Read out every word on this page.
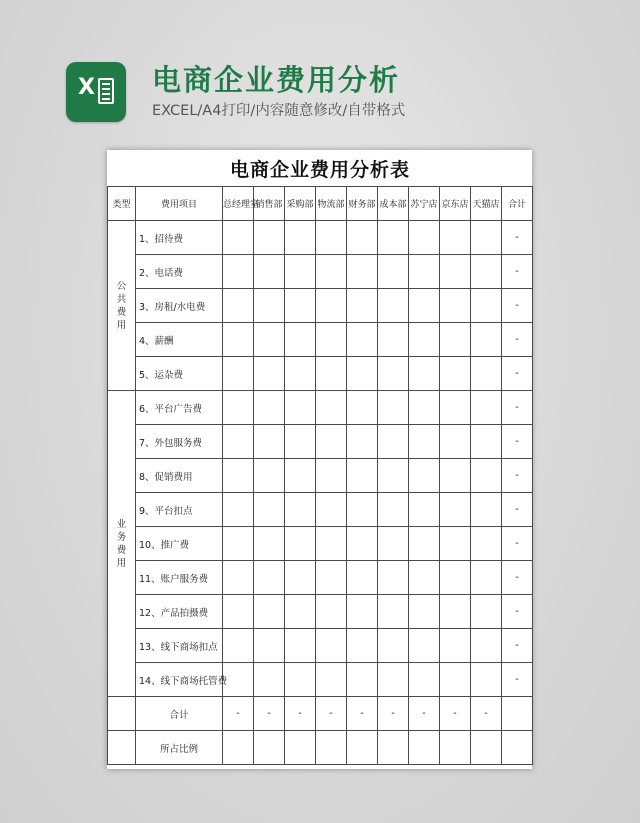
X 电商企业费用分析
EXCEL/A4打印/内容随意修改/自带格式
电商企业费用分析表											
类型	费用项目	总经理室	销售部	采购部	物流部	财务部	成本部	苏宁店	京东店	天猫店	合计

公
共
费
用	1、招待费										-
	2、电话费										-
	3、房租/水电费										-
	4、薪酬										-
	5、运杂费										-

业
务
费
用	6、平台广告费										-
	7、外包服务费										-
	8、促销费用										-
	9、平台扣点										-
	10、推广费										-
	11、账户服务费										-
	12、产品拍摄费										-
	13、线下商场扣点										-
	14、线下商场托管费										-
	合计	-	-	-	-	-	-	-	-	-	
	所占比例										
